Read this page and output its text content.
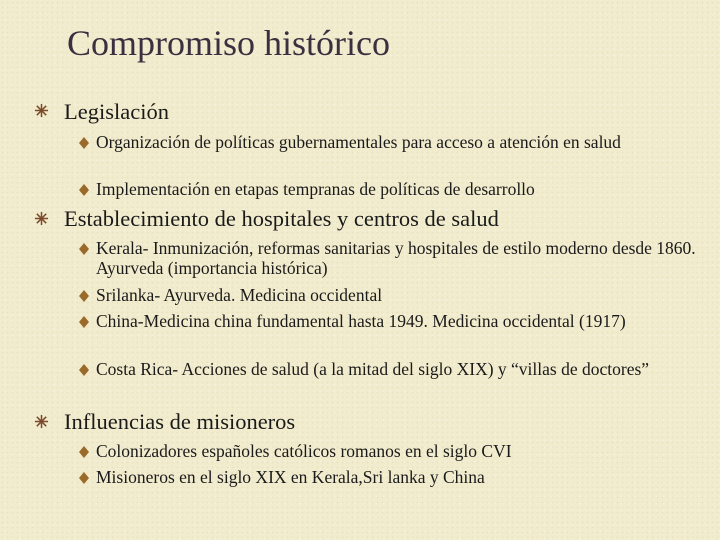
Compromiso histórico
Legislación
Organización de políticas gubernamentales para acceso a atención en salud
Implementación en etapas tempranas de políticas de desarrollo
Establecimiento de hospitales y centros de salud
Kerala- Inmunización, reformas sanitarias y hospitales de estilo moderno desde 1860. Ayurveda (importancia histórica)
Srilanka- Ayurveda. Medicina occidental
China-Medicina china fundamental hasta 1949. Medicina occidental (1917)
Costa Rica- Acciones de salud (a la mitad del siglo XIX) y “villas de doctores”
Influencias de misioneros
Colonizadores españoles católicos romanos en el siglo CVI
Misioneros en el siglo XIX en Kerala,Sri lanka y China
